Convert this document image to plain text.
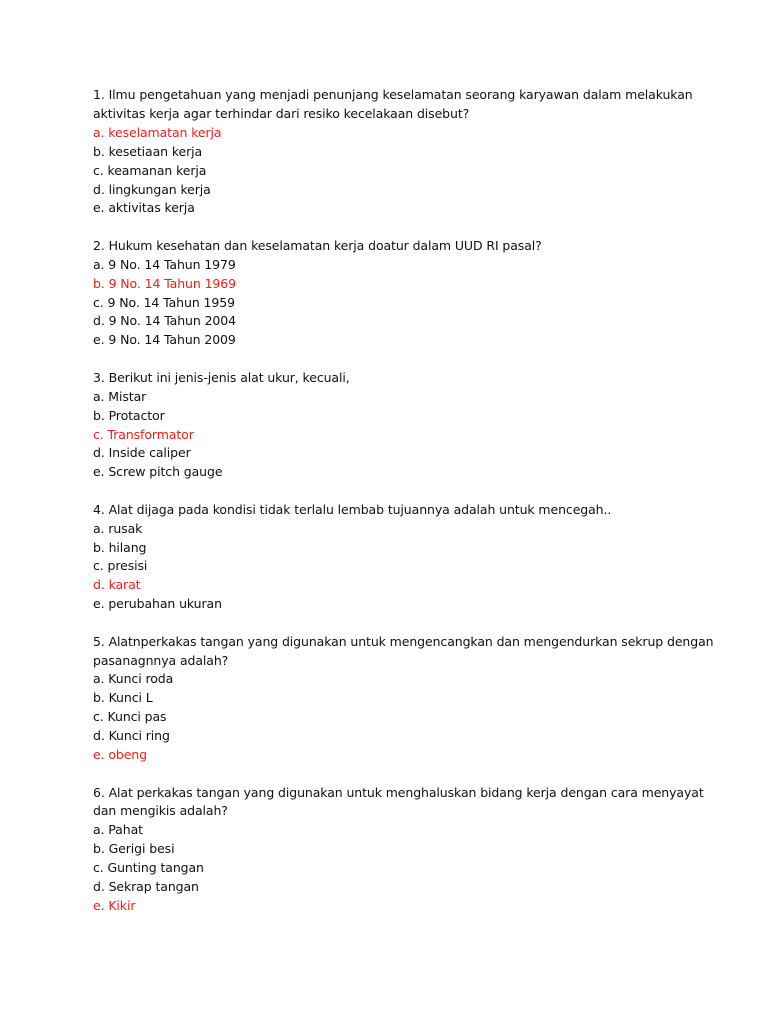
1. Ilmu pengetahuan yang menjadi penunjang keselamatan seorang karyawan dalam melakukan
aktivitas kerja agar terhindar dari resiko kecelakaan disebut?
a. keselamatan kerja
b. kesetiaan kerja
c. keamanan kerja
d. lingkungan kerja
e. aktivitas kerja
2. Hukum kesehatan dan keselamatan kerja doatur dalam UUD RI pasal?
a. 9 No. 14 Tahun 1979
b. 9 No. 14 Tahun 1969
c. 9 No. 14 Tahun 1959
d. 9 No. 14 Tahun 2004
e. 9 No. 14 Tahun 2009
3. Berikut ini jenis-jenis alat ukur, kecuali,
a. Mistar
b. Protactor
c. Transformator
d. Inside caliper
e. Screw pitch gauge
4. Alat dijaga pada kondisi tidak terlalu lembab tujuannya adalah untuk mencegah..
a. rusak
b. hilang
c. presisi
d. karat
e. perubahan ukuran
5. Alatnperkakas tangan yang digunakan untuk mengencangkan dan mengendurkan sekrup dengan
pasanagnnya adalah?
a. Kunci roda
b. Kunci L
c. Kunci pas
d. Kunci ring
e. obeng
6. Alat perkakas tangan yang digunakan untuk menghaluskan bidang kerja dengan cara menyayat
dan mengikis adalah?
a. Pahat
b. Gerigi besi
c. Gunting tangan
d. Sekrap tangan
e. Kikir
